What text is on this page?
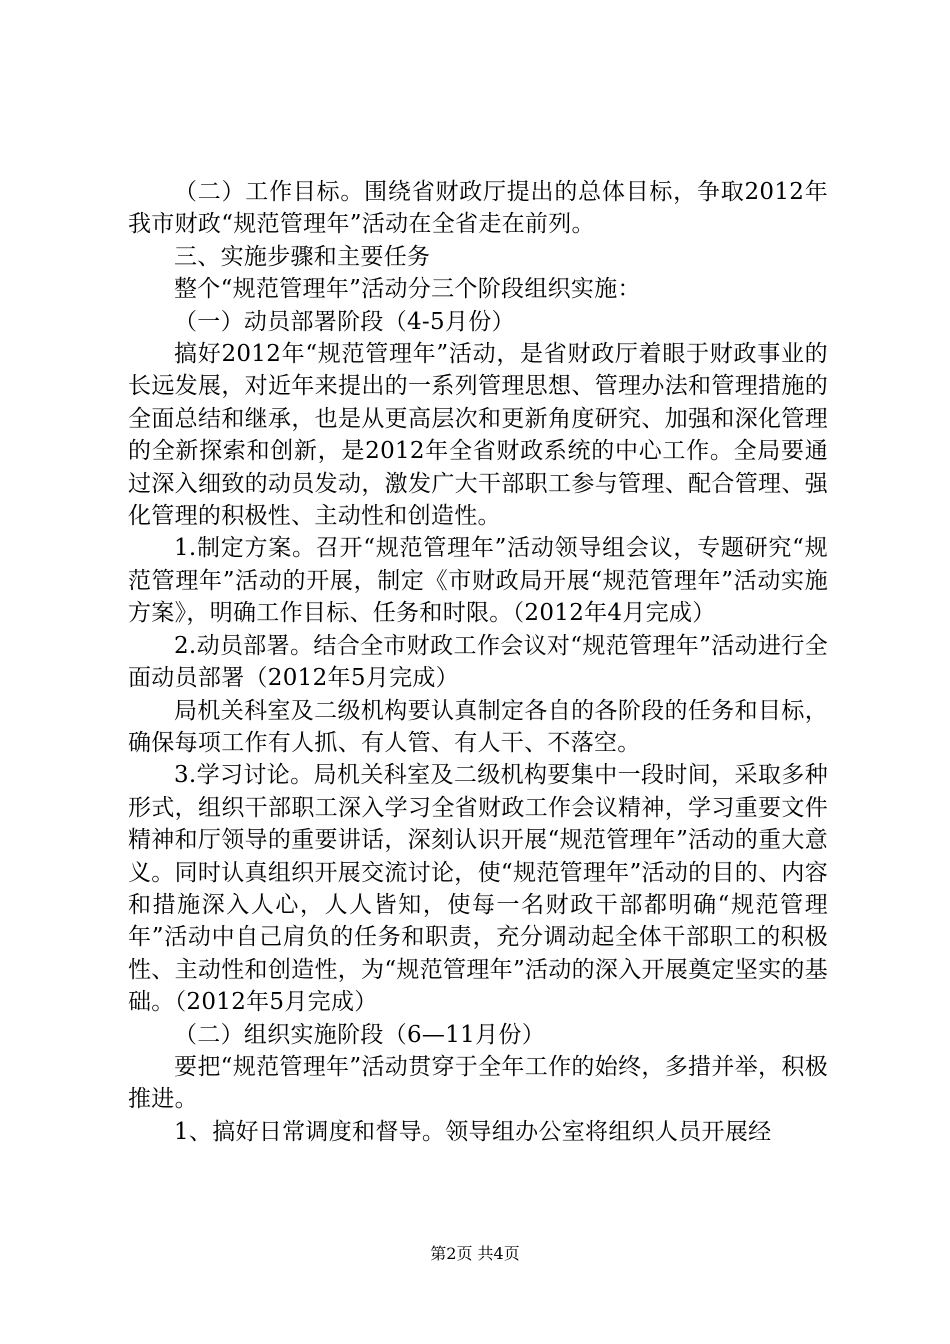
（二）工作目标。围绕省财政厅提出的总体目标，争取2012年我市财政“规范管理年”活动在全省走在前列。

三、实施步骤和主要任务

整个“规范管理年”活动分三个阶段组织实施：

（一）动员部署阶段（4-5月份）

搞好2012年“规范管理年”活动，是省财政厅着眼于财政事业的长远发展，对近年来提出的一系列管理思想、管理办法和管理措施的全面总结和继承，也是从更高层次和更新角度研究、加强和深化管理的全新探索和创新，是2012年全省财政系统的中心工作。全局要通过深入细致的动员发动，激发广大干部职工参与管理、配合管理、强化管理的积极性、主动性和创造性。

1.制定方案。召开“规范管理年”活动领导组会议，专题研究“规范管理年”活动的开展，制定《市财政局开展“规范管理年”活动实施方案》，明确工作目标、任务和时限。（2012年4月完成）

2.动员部署。结合全市财政工作会议对“规范管理年”活动进行全面动员部署（2012年5月完成）

局机关科室及二级机构要认真制定各自的各阶段的任务和目标，确保每项工作有人抓、有人管、有人干、不落空。

3.学习讨论。局机关科室及二级机构要集中一段时间，采取多种形式，组织干部职工深入学习全省财政工作会议精神，学习重要文件精神和厅领导的重要讲话，深刻认识开展“规范管理年”活动的重大意义。同时认真组织开展交流讨论，使“规范管理年”活动的目的、内容和措施深入人心，人人皆知，使每一名财政干部都明确“规范管理年”活动中自己肩负的任务和职责，充分调动起全体干部职工的积极性、主动性和创造性，为“规范管理年”活动的深入开展奠定坚实的基础。（2012年5月完成）

（二）组织实施阶段（6—11月份）

要把“规范管理年”活动贯穿于全年工作的始终，多措并举，积极推进。

1、搞好日常调度和督导。领导组办公室将组织人员开展经

第2页 共4页
